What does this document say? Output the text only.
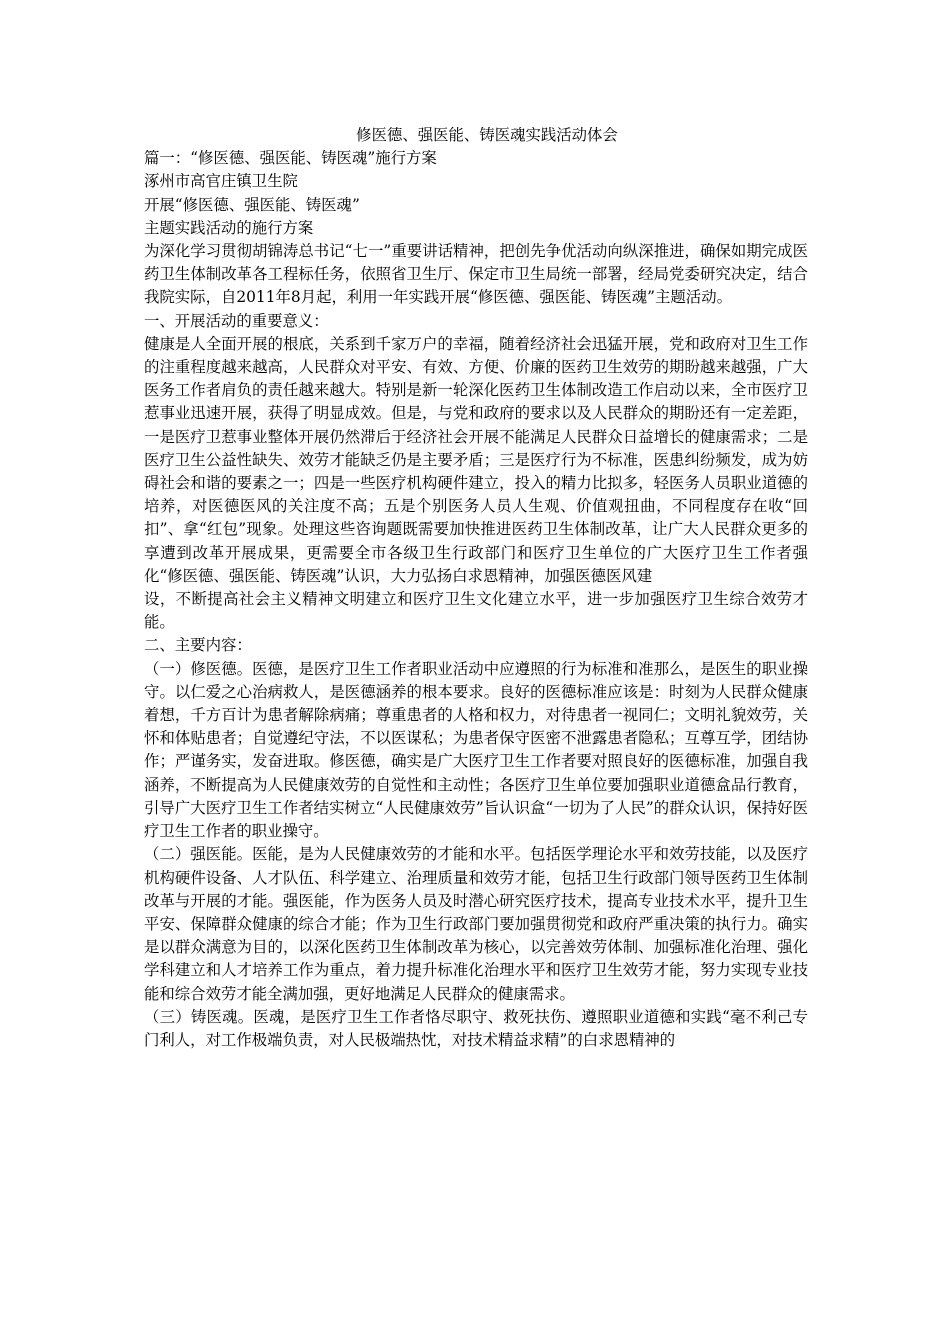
修医德、强医能、铸医魂实践活动体会

篇一：“修医德、强医能、铸医魂”施行方案

涿州市高官庄镇卫生院

开展“修医德、强医能、铸医魂”

主题实践活动的施行方案

为深化学习贯彻胡锦涛总书记“七一”重要讲话精神，把创先争优活动向纵深推进，确保如期完成医药卫生体制改革各工程标任务，依照省卫生厅、保定市卫生局统一部署，经局党委研究决定，结合我院实际，自2011年8月起，利用一年实践开展“修医德、强医能、铸医魂”主题活动。

一、开展活动的重要意义：

健康是人全面开展的根底，关系到千家万户的幸福，随着经济社会迅猛开展，党和政府对卫生工作的注重程度越来越高，人民群众对平安、有效、方便、价廉的医药卫生效劳的期盼越来越强，广大医务工作者肩负的责任越来越大。特别是新一轮深化医药卫生体制改造工作启动以来，全市医疗卫惹事业迅速开展，获得了明显成效。但是，与党和政府的要求以及人民群众的期盼还有一定差距，一是医疗卫惹事业整体开展仍然滞后于经济社会开展不能满足人民群众日益增长的健康需求；二是医疗卫生公益性缺失、效劳才能缺乏仍是主要矛盾；三是医疗行为不标准，医患纠纷频发，成为妨碍社会和谐的要素之一；四是一些医疗机构硬件建立，投入的精力比拟多，轻医务人员职业道德的培养，对医德医风的关注度不高；五是个别医务人员人生观、价值观扭曲，不同程度存在收“回扣”、拿“红包”现象。处理这些咨询题既需要加快推进医药卫生体制改革，让广大人民群众更多的享遭到改革开展成果，更需要全市各级卫生行政部门和医疗卫生单位的广大医疗卫生工作者强化“修医德、强医能、铸医魂”认识，大力弘扬白求恩精神，加强医德医风建

设，不断提高社会主义精神文明建立和医疗卫生文化建立水平，进一步加强医疗卫生综合效劳才能。

二、主要内容：

（一）修医德。医德，是医疗卫生工作者职业活动中应遵照的行为标准和准那么，是医生的职业操守。以仁爱之心治病救人，是医德涵养的根本要求。良好的医德标准应该是：时刻为人民群众健康着想，千方百计为患者解除病痛；尊重患者的人格和权力，对待患者一视同仁；文明礼貌效劳，关怀和体贴患者；自觉遵纪守法，不以医谋私；为患者保守医密不泄露患者隐私；互尊互学，团结协作；严谨务实，发奋进取。修医德，确实是广大医疗卫生工作者要对照良好的医德标准，加强自我涵养，不断提高为人民健康效劳的自觉性和主动性；各医疗卫生单位要加强职业道德盒品行教育，引导广大医疗卫生工作者结实树立“人民健康效劳”旨认识盒“一切为了人民”的群众认识，保持好医疗卫生工作者的职业操守。

（二）强医能。医能，是为人民健康效劳的才能和水平。包括医学理论水平和效劳技能，以及医疗机构硬件设备、人才队伍、科学建立、治理质量和效劳才能，包括卫生行政部门领导医药卫生体制改革与开展的才能。强医能，作为医务人员及时潜心研究医疗技术，提高专业技术水平，提升卫生平安、保障群众健康的综合才能；作为卫生行政部门要加强贯彻党和政府严重决策的执行力。确实是以群众满意为目的，以深化医药卫生体制改革为核心，以完善效劳体制、加强标准化治理、强化学科建立和人才培养工作为重点，着力提升标准化治理水平和医疗卫生效劳才能，努力实现专业技能和综合效劳才能全满加强，更好地满足人民群众的健康需求。

（三）铸医魂。医魂，是医疗卫生工作者恪尽职守、救死扶伤、遵照职业道德和实践“毫不利己专门利人，对工作极端负责，对人民极端热忱，对技术精益求精”的白求恩精神的
